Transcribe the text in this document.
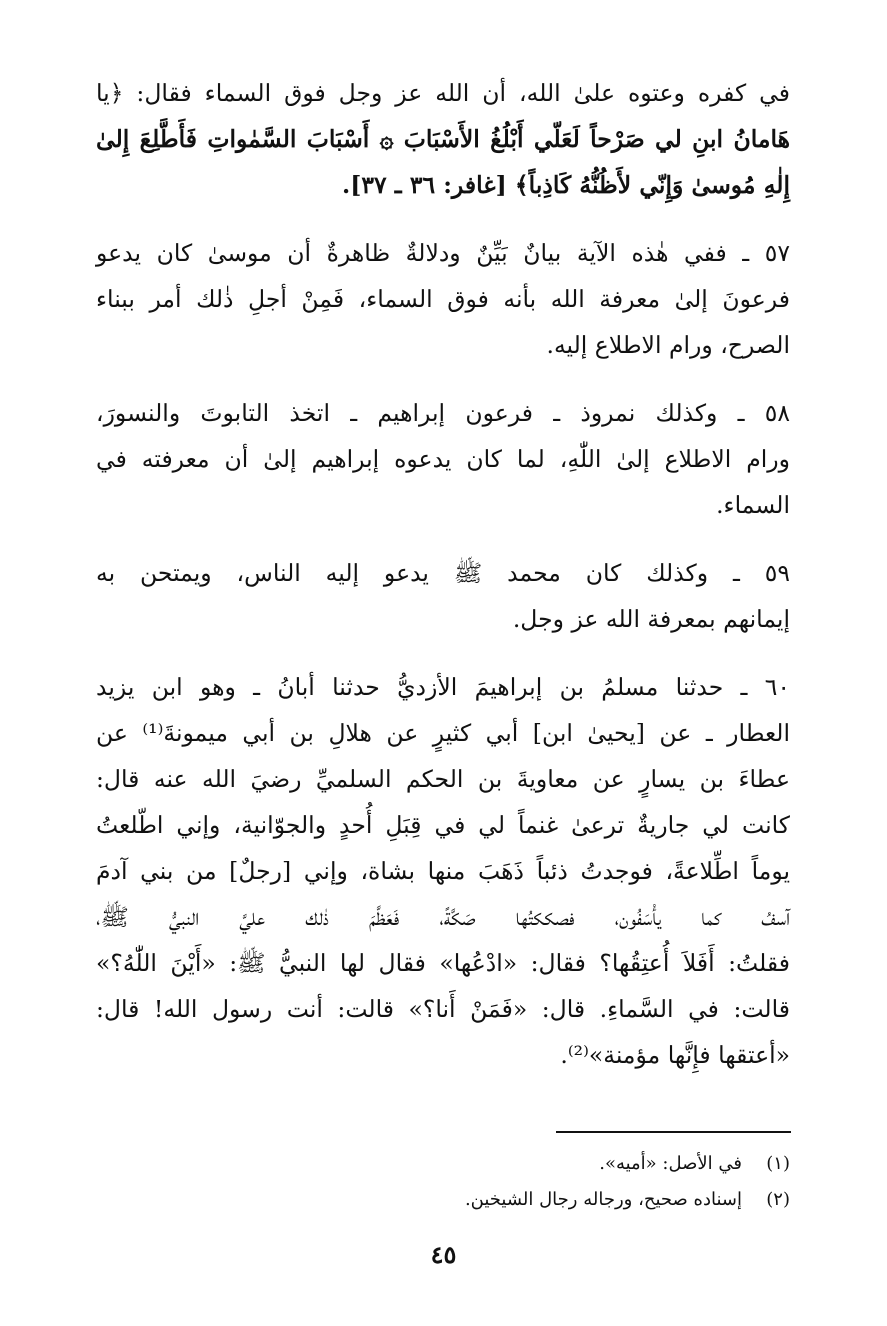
في كفره وعتوه علىٰ الله، أن الله عز وجل فوق السماء فقال: ﴿يا
هَامانُ ابنِ لي صَرْحاً لَعَلّي أَبْلُغُ الأَسْبَابَ ۞ أَسْبَابَ السَّمٰواتِ فَأَطَّلِعَ إِلىٰ
إِلٰهِ مُوسىٰ وَإِنّي لأَظُنُّهُ كَاذِباً﴾ [غافر: ٣٦ ـ ٣٧].
٥٧ ـ ففي هٰذه الآية بيانٌ بَيِّنٌ ودلالةٌ ظاهرةٌ أن موسىٰ كان يدعو
فرعونَ إلىٰ معرفة الله بأنه فوق السماء، فَمِنْ أجلِ ذٰلك أمر ببناء
الصرح، ورام الاطلاع إليه.
٥٨ ـ وكذلك نمروذ ـ فرعون إبراهيم ـ اتخذ التابوتَ والنسورَ،
ورام الاطلاع إلىٰ اللّٰهِ، لما كان يدعوه إبراهيم إلىٰ أن معرفته في
السماء.
٥٩ ـ وكذلك كان محمد ﷺ يدعو إليه الناس، ويمتحن به
إيمانهم بمعرفة الله عز وجل.
٦٠ ـ حدثنا مسلمُ بن إبراهيمَ الأزديُّ حدثنا أبانُ ـ وهو ابن يزيد
العطار ـ عن [يحيىٰ ابن] أبي كثيرٍ عن هلالِ بن أبي ميمونةَ⁽¹⁾ عن
عطاءَ بن يسارٍ عن معاويةَ بن الحكم السلميِّ رضيَ الله عنه قال:
كانت لي جاريةٌ ترعىٰ غنماً لي في قِبَلِ أُحدٍ والجوّانية، وإني اطّلعتُ
يوماً اطِّلاعةً، فوجدتُ ذئباً ذَهَبَ منها بشاة، وإني [رجلٌ] من بني آدمَ
آسفُ كما يأْسَفُون، فصككتُها صَكَّةً، فَعَظَّمَ ذٰلك عليَّ النبيُّ ﷺ،
فقلتُ: أَفَلاَ أُعتِقُها؟ فقال: «ادْعُها» فقال لها النبيُّ ﷺ: «أَيْنَ اللّٰهُ؟»
قالت: في السَّماءِ. قال: «فَمَنْ أَنا؟» قالت: أنت رسول الله! قال:
«أعتقها فإِنَّها مؤمنة»⁽²⁾.
(١)
في الأصل: «أميه».
(٢)
إسناده صحيح، ورجاله رجال الشيخين.
٤٥
